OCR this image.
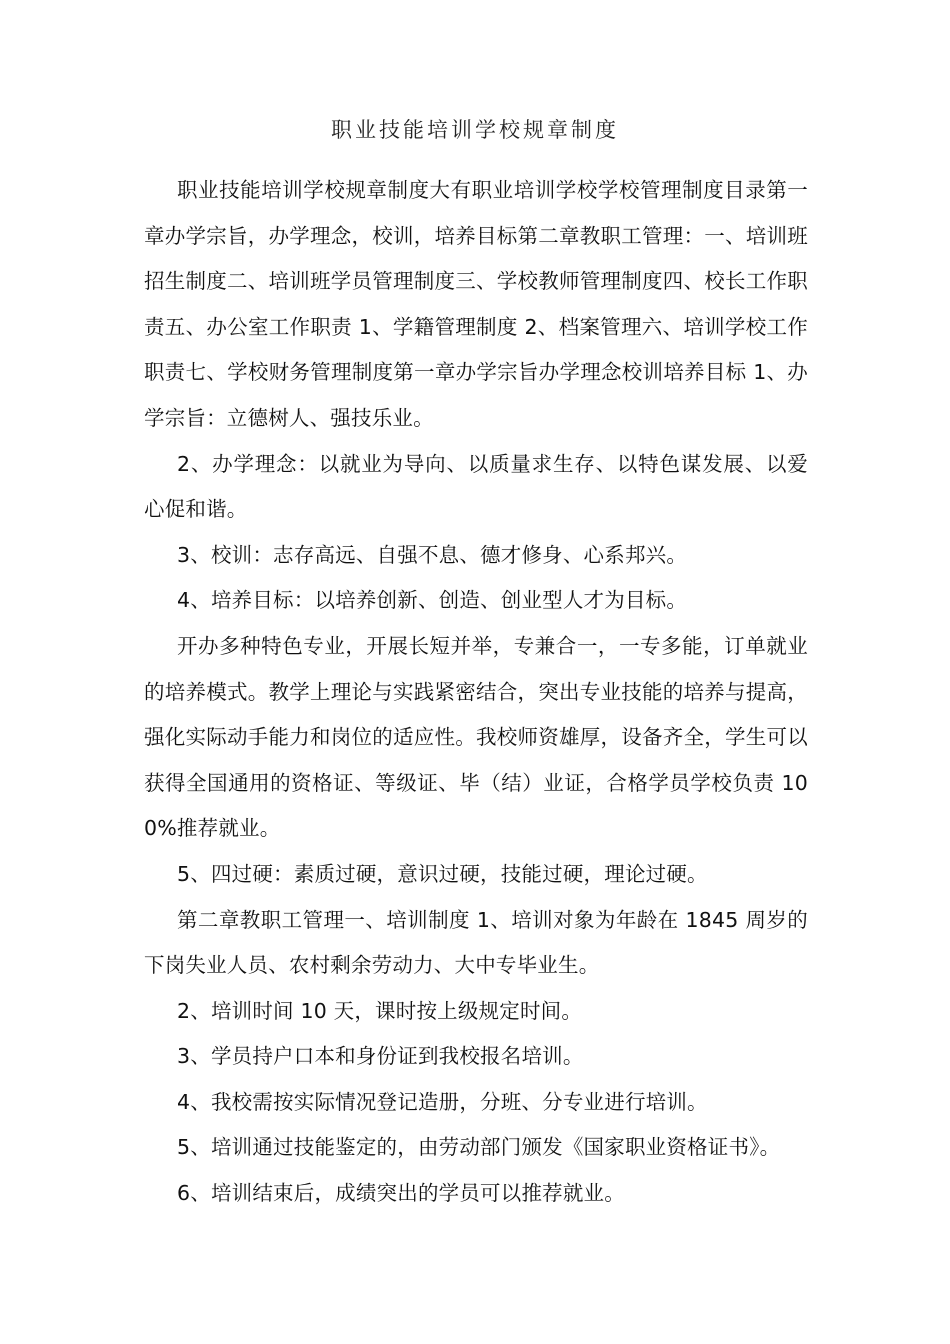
职业技能培训学校规章制度

职业技能培训学校规章制度大有职业培训学校学校管理制度目录第一章办学宗旨，办学理念，校训，培养目标第二章教职工管理：一、培训班招生制度二、培训班学员管理制度三、学校教师管理制度四、校长工作职责五、办公室工作职责 1、学籍管理制度 2、档案管理六、培训学校工作职责七、学校财务管理制度第一章办学宗旨办学理念校训培养目标 1、办学宗旨：立德树人、强技乐业。

2、办学理念：以就业为导向、以质量求生存、以特色谋发展、以爱心促和谐。

3、校训：志存高远、自强不息、德才修身、心系邦兴。

4、培养目标：以培养创新、创造、创业型人才为目标。

开办多种特色专业，开展长短并举，专兼合一，一专多能，订单就业的培养模式。教学上理论与实践紧密结合，突出专业技能的培养与提高，强化实际动手能力和岗位的适应性。我校师资雄厚，设备齐全，学生可以获得全国通用的资格证、等级证、毕（结）业证，合格学员学校负责 100%推荐就业。

5、四过硬：素质过硬，意识过硬，技能过硬，理论过硬。

第二章教职工管理一、培训制度 1、培训对象为年龄在 1845 周岁的下岗失业人员、农村剩余劳动力、大中专毕业生。

2、培训时间 10 天，课时按上级规定时间。

3、学员持户口本和身份证到我校报名培训。

4、我校需按实际情况登记造册，分班、分专业进行培训。

5、培训通过技能鉴定的，由劳动部门颁发《国家职业资格证书》。

6、培训结束后，成绩突出的学员可以推荐就业。
